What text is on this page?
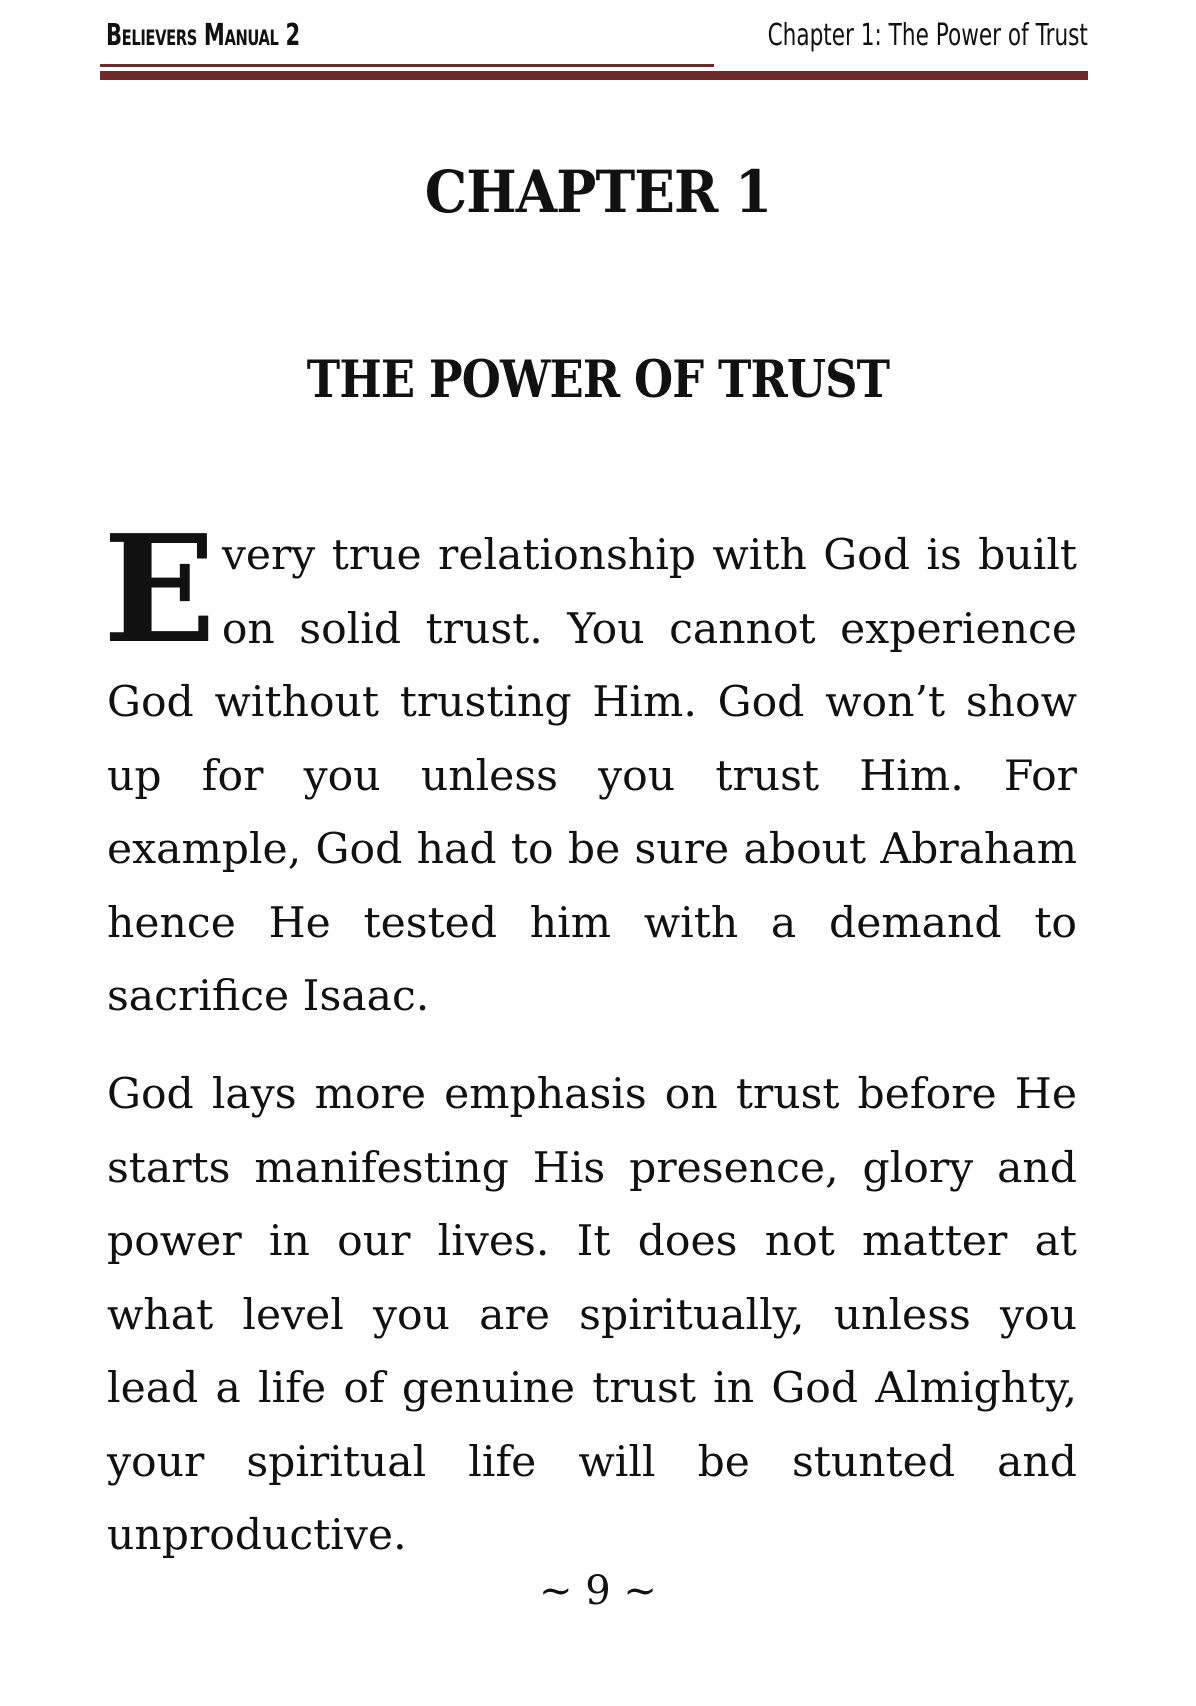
Believers Manual 2	Chapter 1: The Power of Trust
CHAPTER 1
THE POWER OF TRUST

Every true relationship with God is built on solid trust. You cannot experience God without trusting Him. God won’t show up for you unless you trust Him. For example, God had to be sure about Abraham hence He tested him with a demand to sacrifice Isaac.

God lays more emphasis on trust before He starts manifesting His presence, glory and power in our lives. It does not matter at what level you are spiritually, unless you lead a life of genuine trust in God Almighty, your spiritual life will be stunted and unproductive.

~ 9 ~
